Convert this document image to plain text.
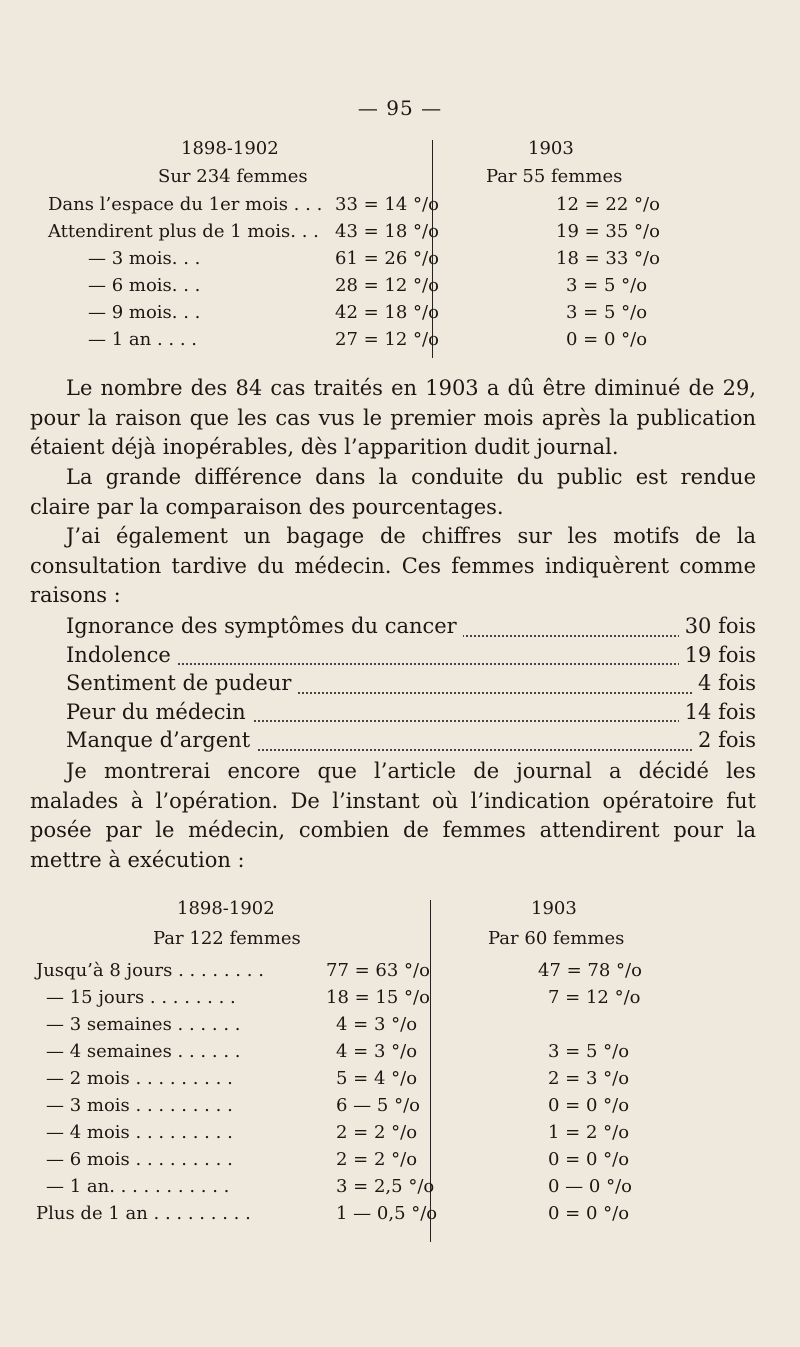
— 95 —
1898-1902
Sur 234 femmes
1903
Par 55 femmes
Dans l’espace du 1er mois . . . 33 = 14 °/o	12 = 22 °/o
Attendirent plus de 1 mois. . . 43 = 18 °/o	19 = 35 °/o
— 3 mois. . .	61 = 26 °/o	18 = 33 °/o
— 6 mois. . .	28 = 12 °/o	3 = 5 °/o
— 9 mois. . .	42 = 18 °/o	3 = 5 °/o
— 1 an . . . .	27 = 12 °/o	0 = 0 °/o
Le nombre des 84 cas traités en 1903 a dû être diminué de 29, pour la raison que les cas vus le premier mois après la publication étaient déjà inopérables, dès l’apparition dudit journal.
La grande différence dans la conduite du public est rendue claire par la comparaison des pourcentages.
J’ai également un bagage de chiffres sur les motifs de la consultation tardive du médecin. Ces femmes indiquèrent comme raisons :
Ignorance des symptômes du cancer	30 fois
Indolence	19 fois
Sentiment de pudeur	4 fois
Peur du médecin	14 fois
Manque d’argent	2 fois
Je montrerai encore que l’article de journal a décidé les malades à l’opération. De l’instant où l’indication opératoire fut posée par le médecin, combien de femmes attendirent pour la mettre à exécution :
1898-1902
Par 122 femmes
1903
Par 60 femmes
Jusqu’à 8 jours . . . . . . . .	77 = 63 °/o	47 = 78 °/o
— 15 jours . . . . . . . .	18 = 15 °/o	7 = 12 °/o
— 3 semaines . . . . . .	4 = 3 °/o
— 4 semaines . . . . . .	4 = 3 °/o	3 = 5 °/o
— 2 mois . . . . . . . . .	5 = 4 °/o	2 = 3 °/o
— 3 mois . . . . . . . . .	6 — 5 °/o	0 = 0 °/o
— 4 mois . . . . . . . . .	2 = 2 °/o	1 = 2 °/o
— 6 mois . . . . . . . . .	2 = 2 °/o	0 = 0 °/o
— 1 an. . . . . . . . . . .	3 = 2,5 °/o	0 — 0 °/o
Plus de 1 an . . . . . . . . .	1 — 0,5 °/o	0 = 0 °/o
